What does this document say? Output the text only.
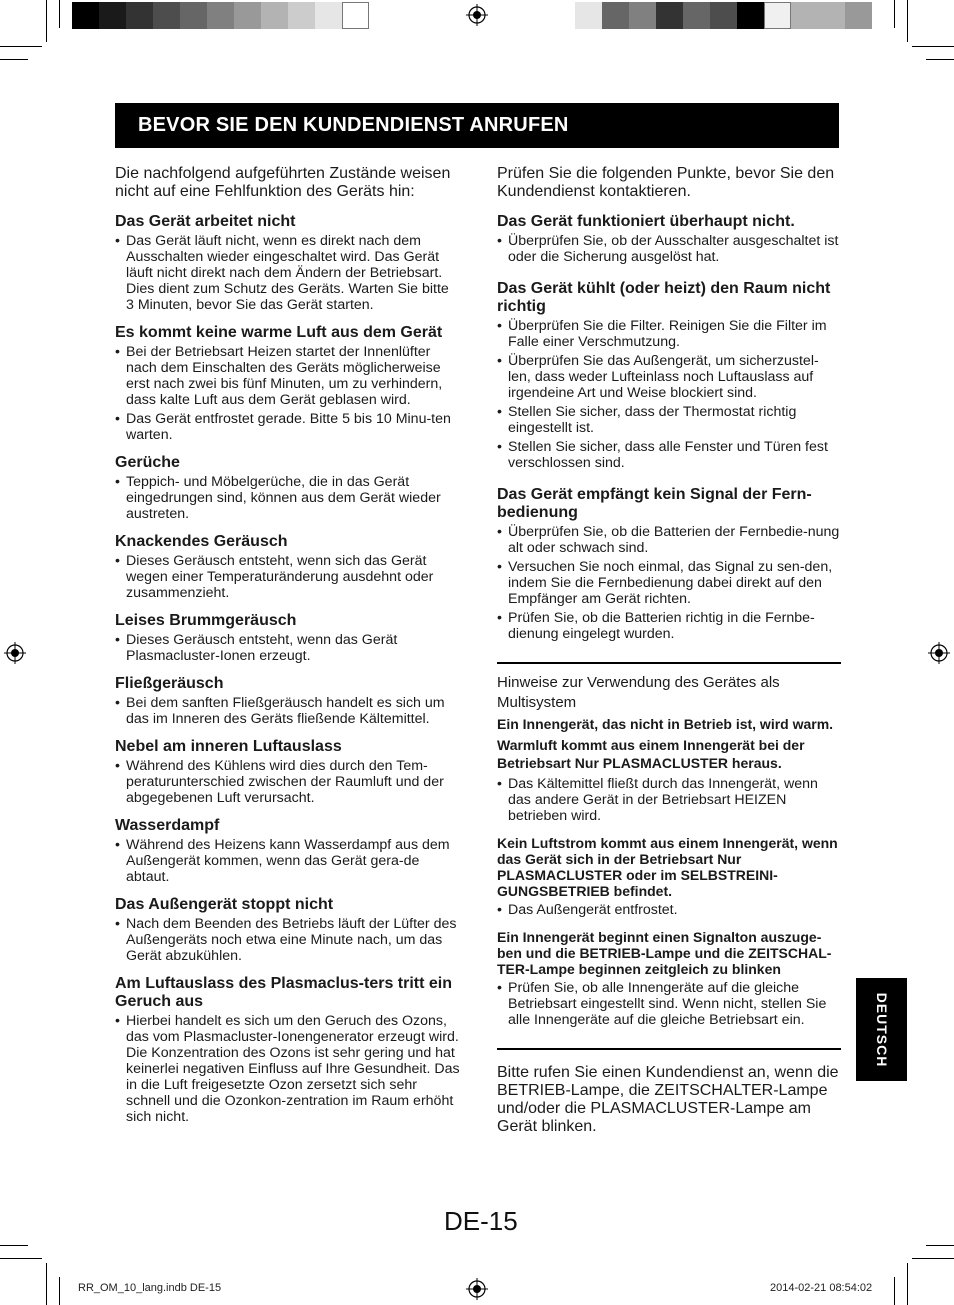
BEVOR SIE DEN KUNDENDIENST ANRUFEN

Die nachfolgend aufgeführten Zustände weisen nicht auf eine Fehlfunktion des Geräts hin:

Das Gerät arbeitet nicht

• Das Gerät läuft nicht, wenn es direkt nach dem Ausschalten wieder eingeschaltet wird. Das Gerät läuft nicht direkt nach dem Ändern der Betriebsart. Dies dient zum Schutz des Geräts. Warten Sie bitte 3 Minuten, bevor Sie das Gerät starten.

Es kommt keine warme Luft aus dem Gerät

• Bei der Betriebsart Heizen startet der Innenlüfter nach dem Einschalten des Geräts möglicherweise erst nach zwei bis fünf Minuten, um zu verhindern, dass kalte Luft aus dem Gerät geblasen wird.
• Das Gerät entfrostet gerade. Bitte 5 bis 10 Minu-ten warten.

Gerüche

• Teppich- und Möbelgerüche, die in das Gerät eingedrungen sind, können aus dem Gerät wieder austreten.

Knackendes Geräusch

• Dieses Geräusch entsteht, wenn sich das Gerät wegen einer Temperaturänderung ausdehnt oder zusammenzieht.

Leises Brummgeräusch

• Dieses Geräusch entsteht, wenn das Gerät Plasmacluster-Ionen erzeugt.

Fließgeräusch

• Bei dem sanften Fließgeräusch handelt es sich um das im Inneren des Geräts fließende Kältemittel.

Nebel am inneren Luftauslass

• Während des Kühlens wird dies durch den Tem-peraturunterschied zwischen der Raumluft und der abgegebenen Luft verursacht.

Wasserdampf

• Während des Heizens kann Wasserdampf aus dem Außengerät kommen, wenn das Gerät gera-de abtaut.

Das Außengerät stoppt nicht

• Nach dem Beenden des Betriebs läuft der Lüfter des Außengeräts noch etwa eine Minute nach, um das Gerät abzukühlen.

Am Luftauslass des Plasmaclus-ters tritt ein Geruch aus

• Hierbei handelt es sich um den Geruch des Ozons, das vom Plasmacluster-Ionengenerator erzeugt wird. Die Konzentration des Ozons ist sehr gering und hat keinerlei negativen Einfluss auf Ihre Gesundheit. Das in die Luft freigesetzte Ozon zersetzt sich sehr schnell und die Ozonkon-zentration im Raum erhöht sich nicht.

Prüfen Sie die folgenden Punkte, bevor Sie den Kundendienst kontaktieren.

Das Gerät funktioniert überhaupt nicht.

• Überprüfen Sie, ob der Ausschalter ausgeschaltet ist oder die Sicherung ausgelöst hat.

Das Gerät kühlt (oder heizt) den Raum nicht richtig

• Überprüfen Sie die Filter. Reinigen Sie die Filter im Falle einer Verschmutzung.
• Überprüfen Sie das Außengerät, um sicherzustel-len, dass weder Lufteinlass noch Luftauslass auf irgendeine Art und Weise blockiert sind.
• Stellen Sie sicher, dass der Thermostat richtig eingestellt ist.
• Stellen Sie sicher, dass alle Fenster und Türen fest verschlossen sind.

Das Gerät empfängt kein Signal der Fern-bedienung

• Überprüfen Sie, ob die Batterien der Fernbedie-nung alt oder schwach sind.
• Versuchen Sie noch einmal, das Signal zu sen-den, indem Sie die Fernbedienung dabei direkt auf den Empfänger am Gerät richten.
• Prüfen Sie, ob die Batterien richtig in die Fernbe-dienung eingelegt wurden.

Hinweise zur Verwendung des Gerätes als Multisystem

Ein Innengerät, das nicht in Betrieb ist, wird warm.

Warmluft kommt aus einem Innengerät bei der Betriebsart Nur PLASMACLUSTER heraus.

• Das Kältemittel fließt durch das Innengerät, wenn das andere Gerät in der Betriebsart HEIZEN betrieben wird.

Kein Luftstrom kommt aus einem Innengerät, wenn das Gerät sich in der Betriebsart Nur PLASMACLUSTER oder im SELBSTREINI-GUNGSBETRIEB befindet.

• Das Außengerät entfrostet.

Ein Innengerät beginnt einen Signalton auszuge-ben und die BETRIEB-Lampe und die ZEITSCHAL-TER-Lampe beginnen zeitgleich zu blinken

• Prüfen Sie, ob alle Innengeräte auf die gleiche Betriebsart eingestellt sind. Wenn nicht, stellen Sie alle Innengeräte auf die gleiche Betriebsart ein.

Bitte rufen Sie einen Kundendienst an, wenn die BETRIEB-Lampe, die ZEITSCHALTER-Lampe und/oder die PLASMACLUSTER-Lampe am Gerät blinken.

DEUTSCH
DE-15
RR_OM_10_lang.indb DE-15	2014-02-21 08:54:02
